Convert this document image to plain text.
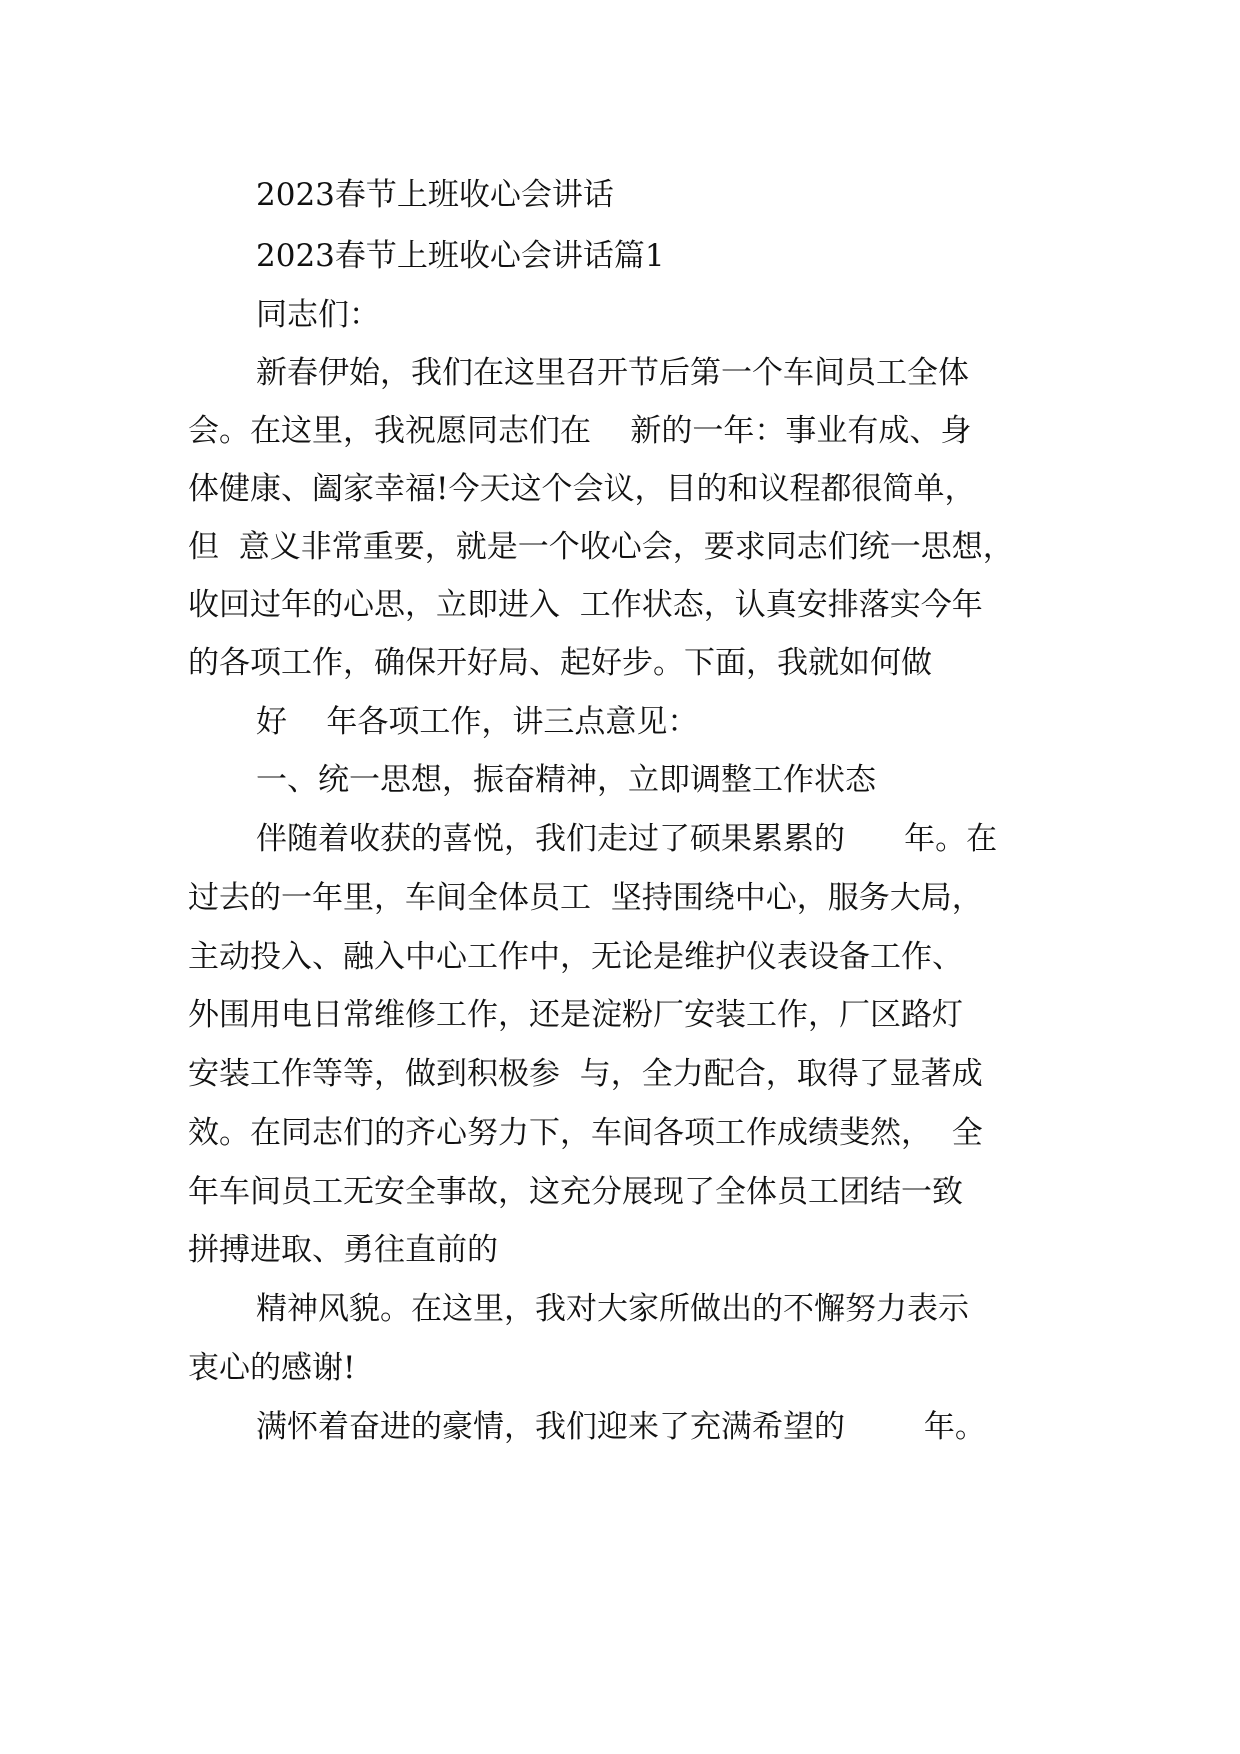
2023春节上班收心会讲话
2023春节上班收心会讲话篇1
同志们：
新春伊始，我们在这里召开节后第一个车间员工全体
会。在这里，我祝愿同志们在    新的一年：事业有成、身
体健康、阖家幸福!今天这个会议，目的和议程都很简单，
但  意义非常重要，就是一个收心会，要求同志们统一思想，
收回过年的心思，立即进入  工作状态，认真安排落实今年
的各项工作，确保开好局、起好步。下面，我就如何做
好    年各项工作，讲三点意见：
一、统一思想，振奋精神，立即调整工作状态
伴随着收获的喜悦，我们走过了硕果累累的      年。在
过去的一年里，车间全体员工  坚持围绕中心，服务大局，
主动投入、融入中心工作中，无论是维护仪表设备工作、
外围用电日常维修工作，还是淀粉厂安装工作，厂区路灯
安装工作等等，做到积极参  与，全力配合，取得了显著成
效。在同志们的齐心努力下，车间各项工作成绩斐然，  全
年车间员工无安全事故，这充分展现了全体员工团结一致
拼搏进取、勇往直前的
精神风貌。在这里，我对大家所做出的不懈努力表示
衷心的感谢!
满怀着奋进的豪情，我们迎来了充满希望的        年。
